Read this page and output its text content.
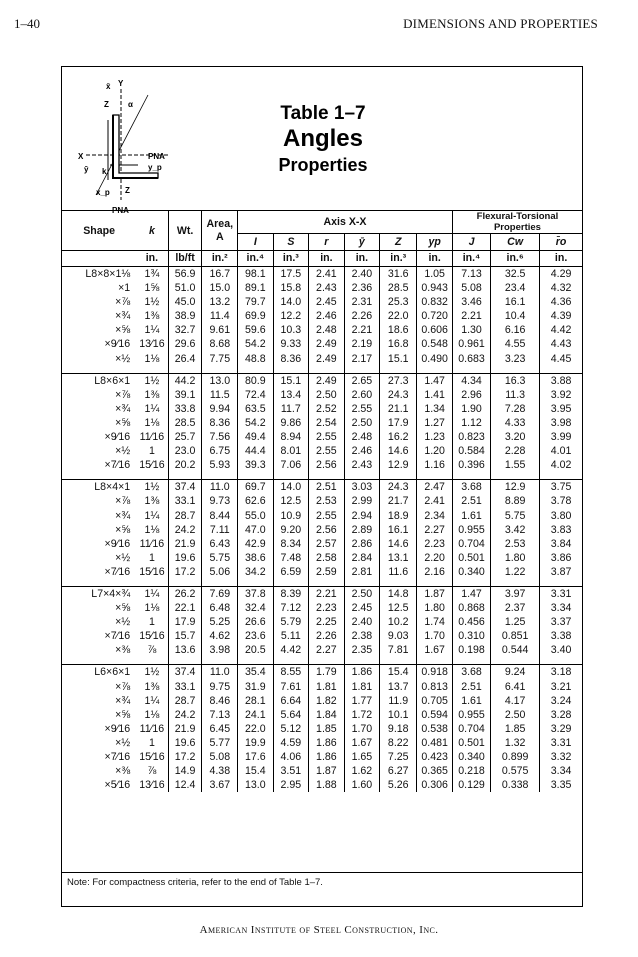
1–40	DIMENSIONS AND PROPERTIES
x̄ Y
α
Z
X
ȳ k
PNA
y_p
x_p Z
PNA
Table 1–7
Angles
Properties
Shape	k	Wt.	Area, A	Axis X-X						Flexural-Torsional Properties		
				I	S	r	ȳ	Z	yp	J	Cw	r̄o
	in.	lb/ft	in.²	in.⁴	in.³	in.	in.	in.³	in.	in.⁴	in.⁶	in.
L8×8×1⅛	1¾	56.9	16.7	98.1	17.5	2.41	2.40	31.6	1.05	7.13	32.5	4.29
×1	1⅝	51.0	15.0	89.1	15.8	2.43	2.36	28.5	0.943	5.08	23.4	4.32
×⅞	1½	45.0	13.2	79.7	14.0	2.45	2.31	25.3	0.832	3.46	16.1	4.36
×¾	1⅜	38.9	11.4	69.9	12.2	2.46	2.26	22.0	0.720	2.21	10.4	4.39
×⅝	1¼	32.7	9.61	59.6	10.3	2.48	2.21	18.6	0.606	1.30	6.16	4.42
×9⁄16	13⁄16	29.6	8.68	54.2	9.33	2.49	2.19	16.8	0.548	0.961	4.55	4.43
×½	1⅛	26.4	7.75	48.8	8.36	2.49	2.17	15.1	0.490	0.683	3.23	4.45

L8×6×1	1½	44.2	13.0	80.9	15.1	2.49	2.65	27.3	1.47	4.34	16.3	3.88
×⅞	1⅜	39.1	11.5	72.4	13.4	2.50	2.60	24.3	1.41	2.96	11.3	3.92
×¾	1¼	33.8	9.94	63.5	11.7	2.52	2.55	21.1	1.34	1.90	7.28	3.95
×⅝	1⅛	28.5	8.36	54.2	9.86	2.54	2.50	17.9	1.27	1.12	4.33	3.98
×9⁄16	11⁄16	25.7	7.56	49.4	8.94	2.55	2.48	16.2	1.23	0.823	3.20	3.99
×½	1	23.0	6.75	44.4	8.01	2.55	2.46	14.6	1.20	0.584	2.28	4.01
×7⁄16	15⁄16	20.2	5.93	39.3	7.06	2.56	2.43	12.9	1.16	0.396	1.55	4.02

L8×4×1	1½	37.4	11.0	69.7	14.0	2.51	3.03	24.3	2.47	3.68	12.9	3.75
×⅞	1⅜	33.1	9.73	62.6	12.5	2.53	2.99	21.7	2.41	2.51	8.89	3.78
×¾	1¼	28.7	8.44	55.0	10.9	2.55	2.94	18.9	2.34	1.61	5.75	3.80
×⅝	1⅛	24.2	7.11	47.0	9.20	2.56	2.89	16.1	2.27	0.955	3.42	3.83
×9⁄16	11⁄16	21.9	6.43	42.9	8.34	2.57	2.86	14.6	2.23	0.704	2.53	3.84
×½	1	19.6	5.75	38.6	7.48	2.58	2.84	13.1	2.20	0.501	1.80	3.86
×7⁄16	15⁄16	17.2	5.06	34.2	6.59	2.59	2.81	11.6	2.16	0.340	1.22	3.87

L7×4×¾	1¼	26.2	7.69	37.8	8.39	2.21	2.50	14.8	1.87	1.47	3.97	3.31
×⅝	1⅛	22.1	6.48	32.4	7.12	2.23	2.45	12.5	1.80	0.868	2.37	3.34
×½	1	17.9	5.25	26.6	5.79	2.25	2.40	10.2	1.74	0.456	1.25	3.37
×7⁄16	15⁄16	15.7	4.62	23.6	5.11	2.26	2.38	9.03	1.70	0.310	0.851	3.38
×⅜	⅞	13.6	3.98	20.5	4.42	2.27	2.35	7.81	1.67	0.198	0.544	3.40

L6×6×1	1½	37.4	11.0	35.4	8.55	1.79	1.86	15.4	0.918	3.68	9.24	3.18
×⅞	1⅜	33.1	9.75	31.9	7.61	1.81	1.81	13.7	0.813	2.51	6.41	3.21
×¾	1¼	28.7	8.46	28.1	6.64	1.82	1.77	11.9	0.705	1.61	4.17	3.24
×⅝	1⅛	24.2	7.13	24.1	5.64	1.84	1.72	10.1	0.594	0.955	2.50	3.28
×9⁄16	11⁄16	21.9	6.45	22.0	5.12	1.85	1.70	9.18	0.538	0.704	1.85	3.29
×½	1	19.6	5.77	19.9	4.59	1.86	1.67	8.22	0.481	0.501	1.32	3.31
×7⁄16	15⁄16	17.2	5.08	17.6	4.06	1.86	1.65	7.25	0.423	0.340	0.899	3.32
×⅜	⅞	14.9	4.38	15.4	3.51	1.87	1.62	6.27	0.365	0.218	0.575	3.34
×5⁄16	13⁄16	12.4	3.67	13.0	2.95	1.88	1.60	5.26	0.306	0.129	0.338	3.35
Note: For compactness criteria, refer to the end of Table 1–7.
American Institute of Steel Construction, Inc.
